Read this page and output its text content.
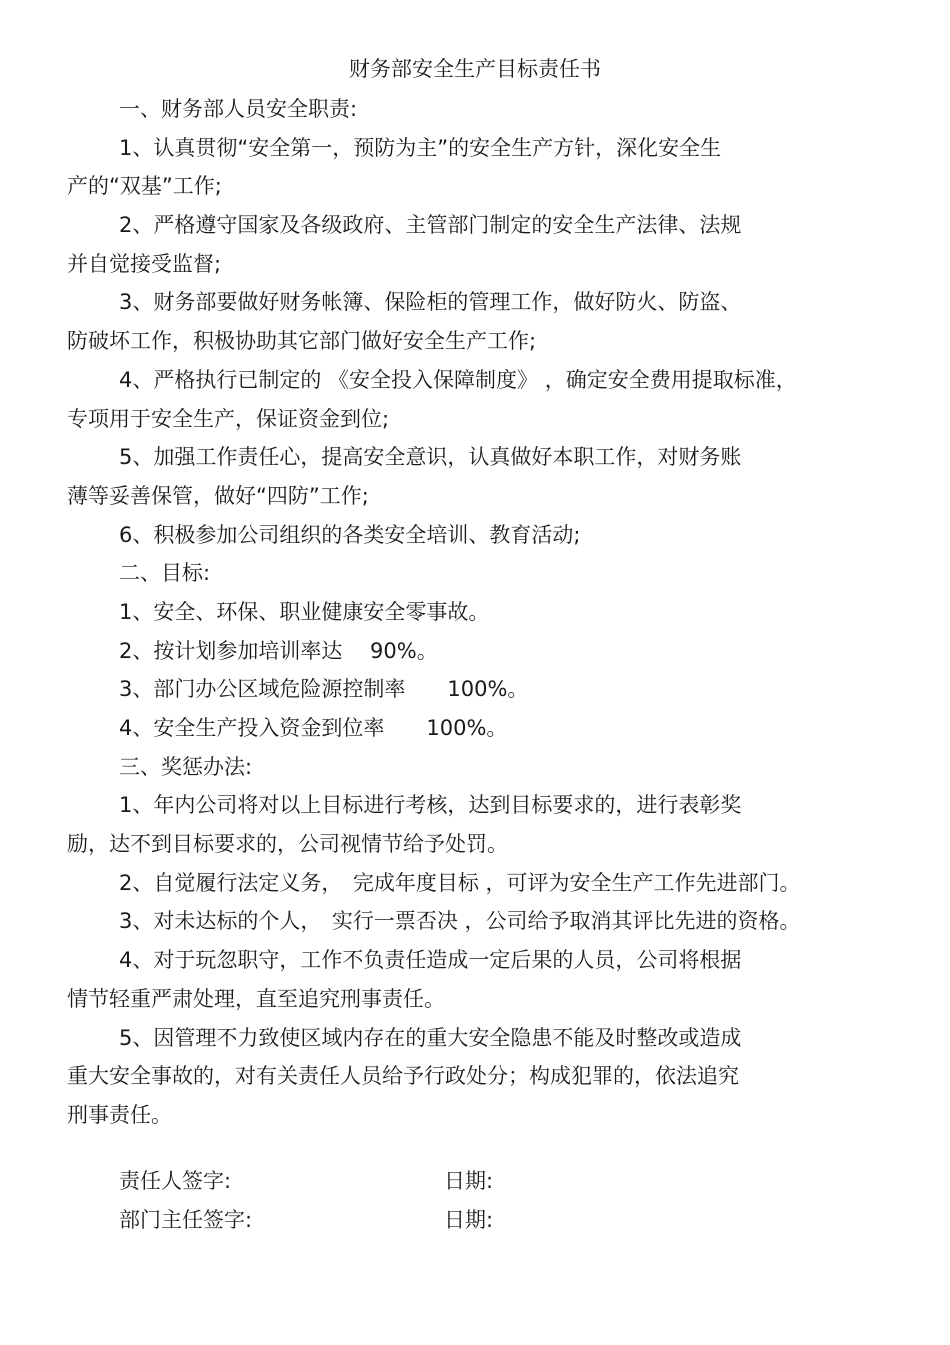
财务部安全生产目标责任书
一、财务部人员安全职责:
1、认真贯彻“安全第一，预防为主”的安全生产方针，深化安全生
产的“双基”工作;
2、严格遵守国家及各级政府、主管部门制定的安全生产法律、法规
并自觉接受监督;
3、财务部要做好财务帐簿、保险柜的管理工作，做好防火、防盗、
防破坏工作，积极协助其它部门做好安全生产工作;
4、严格执行已制定的 《安全投入保障制度》 ，确定安全费用提取标准，
专项用于安全生产，保证资金到位;
5、加强工作责任心，提高安全意识，认真做好本职工作，对财务账
薄等妥善保管，做好“四防”工作;
6、积极参加公司组织的各类安全培训、教育活动;
二、目标:
1、安全、环保、职业健康安全零事故。
2、按计划参加培训率达　 90%。
3、部门办公区域危险源控制率　　100%。
4、安全生产投入资金到位率　　100%。
三、奖惩办法:
1、年内公司将对以上目标进行考核，达到目标要求的，进行表彰奖
励，达不到目标要求的，公司视情节给予处罚。
2、自觉履行法定义务，　完成年度目标 ，可评为安全生产工作先进部门。
3、对未达标的个人，　实行一票否决 ，公司给予取消其评比先进的资格。
4、对于玩忽职守，工作不负责任造成一定后果的人员，公司将根据
情节轻重严肃处理，直至追究刑事责任。
5、因管理不力致使区域内存在的重大安全隐患不能及时整改或造成
重大安全事故的，对有关责任人员给予行政处分；构成犯罪的，依法追究
刑事责任。
责任人签字:	日期:
部门主任签字:	日期:
